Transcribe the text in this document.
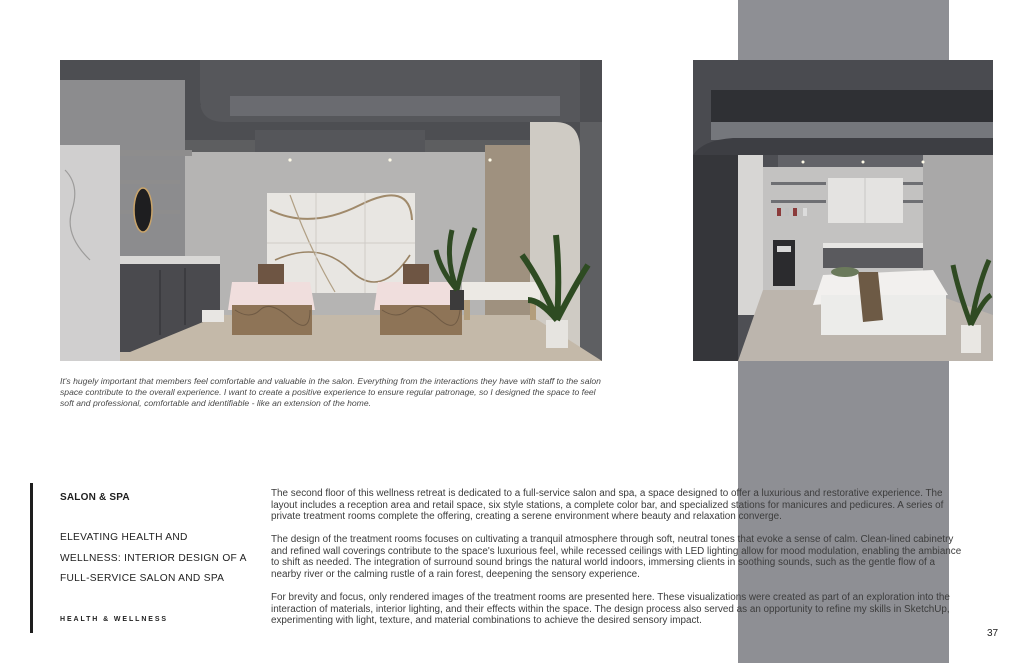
It's hugely important that members feel comfortable and valuable in the salon. Everything from the interactions they have with staff to the salon space contribute to the overall experience. I want to create a positive experience to ensure regular patronage, so I designed the space to feel soft and professional, comfortable and identifiable - like an extension of the home.
SALON & SPA
ELEVATING HEALTH AND WELLNESS: INTERIOR DESIGN OF A FULL-SERVICE SALON AND SPA
HEALTH & WELLNESS

The second floor of this wellness retreat is dedicated to a full-service salon and spa, a space designed to offer a luxurious and restorative experience. The layout includes a reception area and retail space, six style stations, a complete color bar, and specialized stations for manicures and pedicures. A series of private treatment rooms complete the offering, creating a serene environment where beauty and relaxation converge.

The design of the treatment rooms focuses on cultivating a tranquil atmosphere through soft, neutral tones that evoke a sense of calm. Clean-lined cabinetry and refined wall coverings contribute to the space's luxurious feel, while recessed ceilings with LED lighting allow for mood modulation, enabling the ambiance to shift as needed. The integration of surround sound brings the natural world indoors, immersing clients in soothing sounds, such as the gentle flow of a nearby river or the calming rustle of a rain forest, deepening the sensory experience.

For brevity and focus, only rendered images of the treatment rooms are presented here. These visualizations were created as part of an exploration into the interaction of materials, interior lighting, and their effects within the space. The design process also served as an opportunity to refine my skills in SketchUp, experimenting with light, texture, and material combinations to achieve the desired sensory impact.

37
